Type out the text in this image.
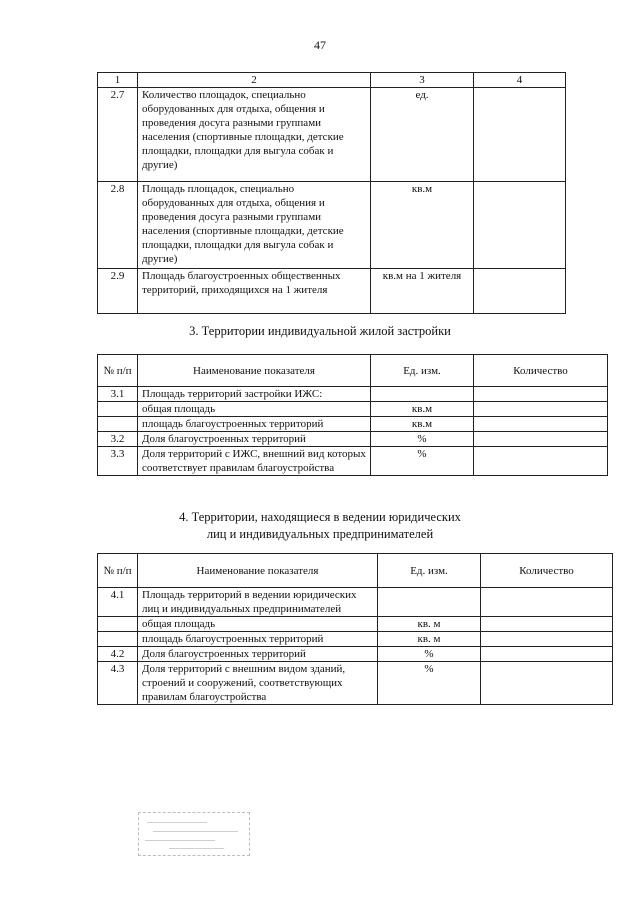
47
1	2	3	4
2.7	Количество площадок, специально оборудованных для отдыха, общения и проведения досуга разными группами населения (спортивные площадки, детские площадки, площадки для выгула собак и другие)	ед.	
2.8	Площадь площадок, специально оборудованных для отдыха, общения и проведения досуга разными группами населения (спортивные площадки, детские площадки, площадки для выгула собак и другие)	кв.м	
2.9	Площадь благоустроенных общественных территорий, приходящихся на 1 жителя	кв.м на 1 жителя	
3. Территории индивидуальной жилой застройки
№ п/п	Наименование показателя	Ед. изм.	Количество
3.1	Площадь территорий застройки ИЖС:		
	общая площадь	кв.м	
	площадь благоустроенных территорий	кв.м	
3.2	Доля благоустроенных территорий	%	
3.3	Доля территорий с ИЖС, внешний вид которых соответствует правилам благоустройства	%	
4. Территории, находящиеся в ведении юридических
лиц и индивидуальных предпринимателей
№ п/п	Наименование показателя	Ед. изм.	Количество
4.1	Площадь территорий в ведении юридических лиц и индивидуальных предпринимателей		
	общая площадь	кв. м	
	площадь благоустроенных территорий	кв. м	
4.2	Доля благоустроенных территорий	%	
4.3	Доля территорий с внешним видом зданий, строений и сооружений, соответствующих правилам благоустройства	%	
